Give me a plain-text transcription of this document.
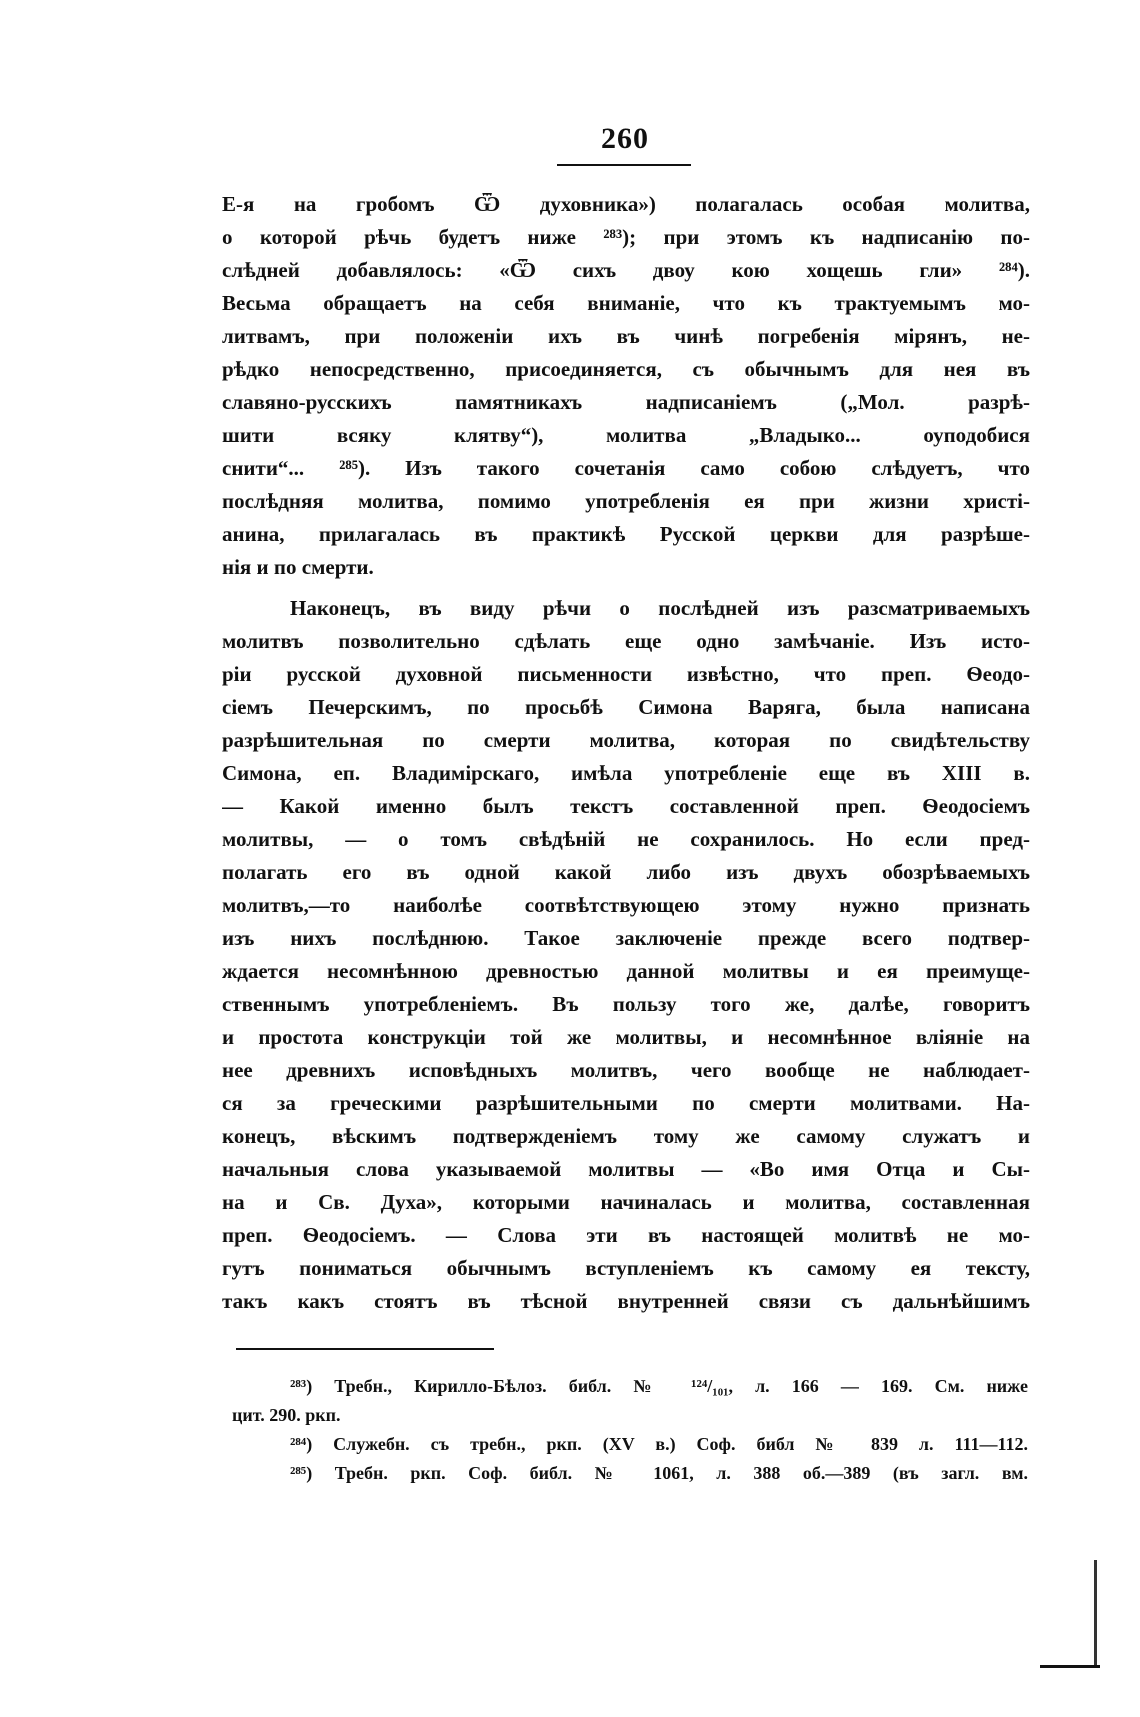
260
Е-я на гробомъ Ѿ духовника») полагалась особая молитва,
о которой рѣчь будетъ ниже ²⁸³); при этомъ къ надписанію по-
слѣдней добавлялось: «Ѿ сихъ двоу кою хощешь гли» ²⁸⁴).
Весьма обращаетъ на себя вниманіе, что къ трактуемымъ мо-
литвамъ, при положеніи ихъ въ чинѣ погребенія мірянъ, не-
рѣдко непосредственно, присоединяется, съ обычнымъ для нея въ
славяно-русскихъ памятникахъ надписаніемъ („Мол. разрѣ-
шити всяку клятву“), молитва „Владыко... оуподобися
снити“... ²⁸⁵). Изъ такого сочетанія само собою слѣдуетъ, что
послѣдняя молитва, помимо употребленія ея при жизни христі-
анина, прилагалась въ практикѣ Русской церкви для разрѣше-
нія и по смерти.
Наконецъ, въ виду рѣчи о послѣдней изъ разсматриваемыхъ
молитвъ позволительно сдѣлать еще одно замѣчаніе. Изъ исто-
ріи русской духовной письменности извѣстно, что преп. Ѳеодо-
сіемъ Печерскимъ, по просьбѣ Симона Варяга, была написана
разрѣшительная по смерти молитва, которая по свидѣтельству
Симона, еп. Владимірскаго, имѣла употребленіе еще въ XIII в.
— Какой именно былъ текстъ составленной преп. Ѳеодосіемъ
молитвы, — о томъ свѣдѣній не сохранилось. Но если пред-
полагать его въ одной какой либо изъ двухъ обозрѣваемыхъ
молитвъ,—то наиболѣе соотвѣтствующею этому нужно признать
изъ нихъ послѣднюю. Такое заключеніе прежде всего подтвер-
ждается несомнѣнною древностью данной молитвы и ея преимуще-
ственнымъ употребленіемъ. Въ пользу того же, далѣе, говоритъ
и простота конструкціи той же молитвы, и несомнѣнное вліяніе на
нее древнихъ исповѣдныхъ молитвъ, чего вообще не наблюдает-
ся за греческими разрѣшительными по смерти молитвами. На-
конецъ, вѣскимъ подтвержденіемъ тому же самому служатъ и
начальныя слова указываемой молитвы — «Во имя Отца и Сы-
на и Св. Духа», которыми начиналась и молитва, составленная
преп. Ѳеодосіемъ. — Слова эти въ настоящей молитвѣ не мо-
гутъ пониматься обычнымъ вступленіемъ къ самому ея тексту,
такъ какъ стоятъ въ тѣсной внутренней связи съ дальнѣйшимъ
²⁸³) Требн., Кирилло-Бѣлоз. библ. № ¹²⁴/₁₀₁, л. 166 — 169. См. ниже
цит. 290. ркп.
²⁸⁴) Служебн. съ требн., ркп. (XV в.) Соф. библ № 839 л. 111—112.
²⁸⁵) Требн. ркп. Соф. библ. № 1061, л. 388 об.—389 (въ загл. вм.
